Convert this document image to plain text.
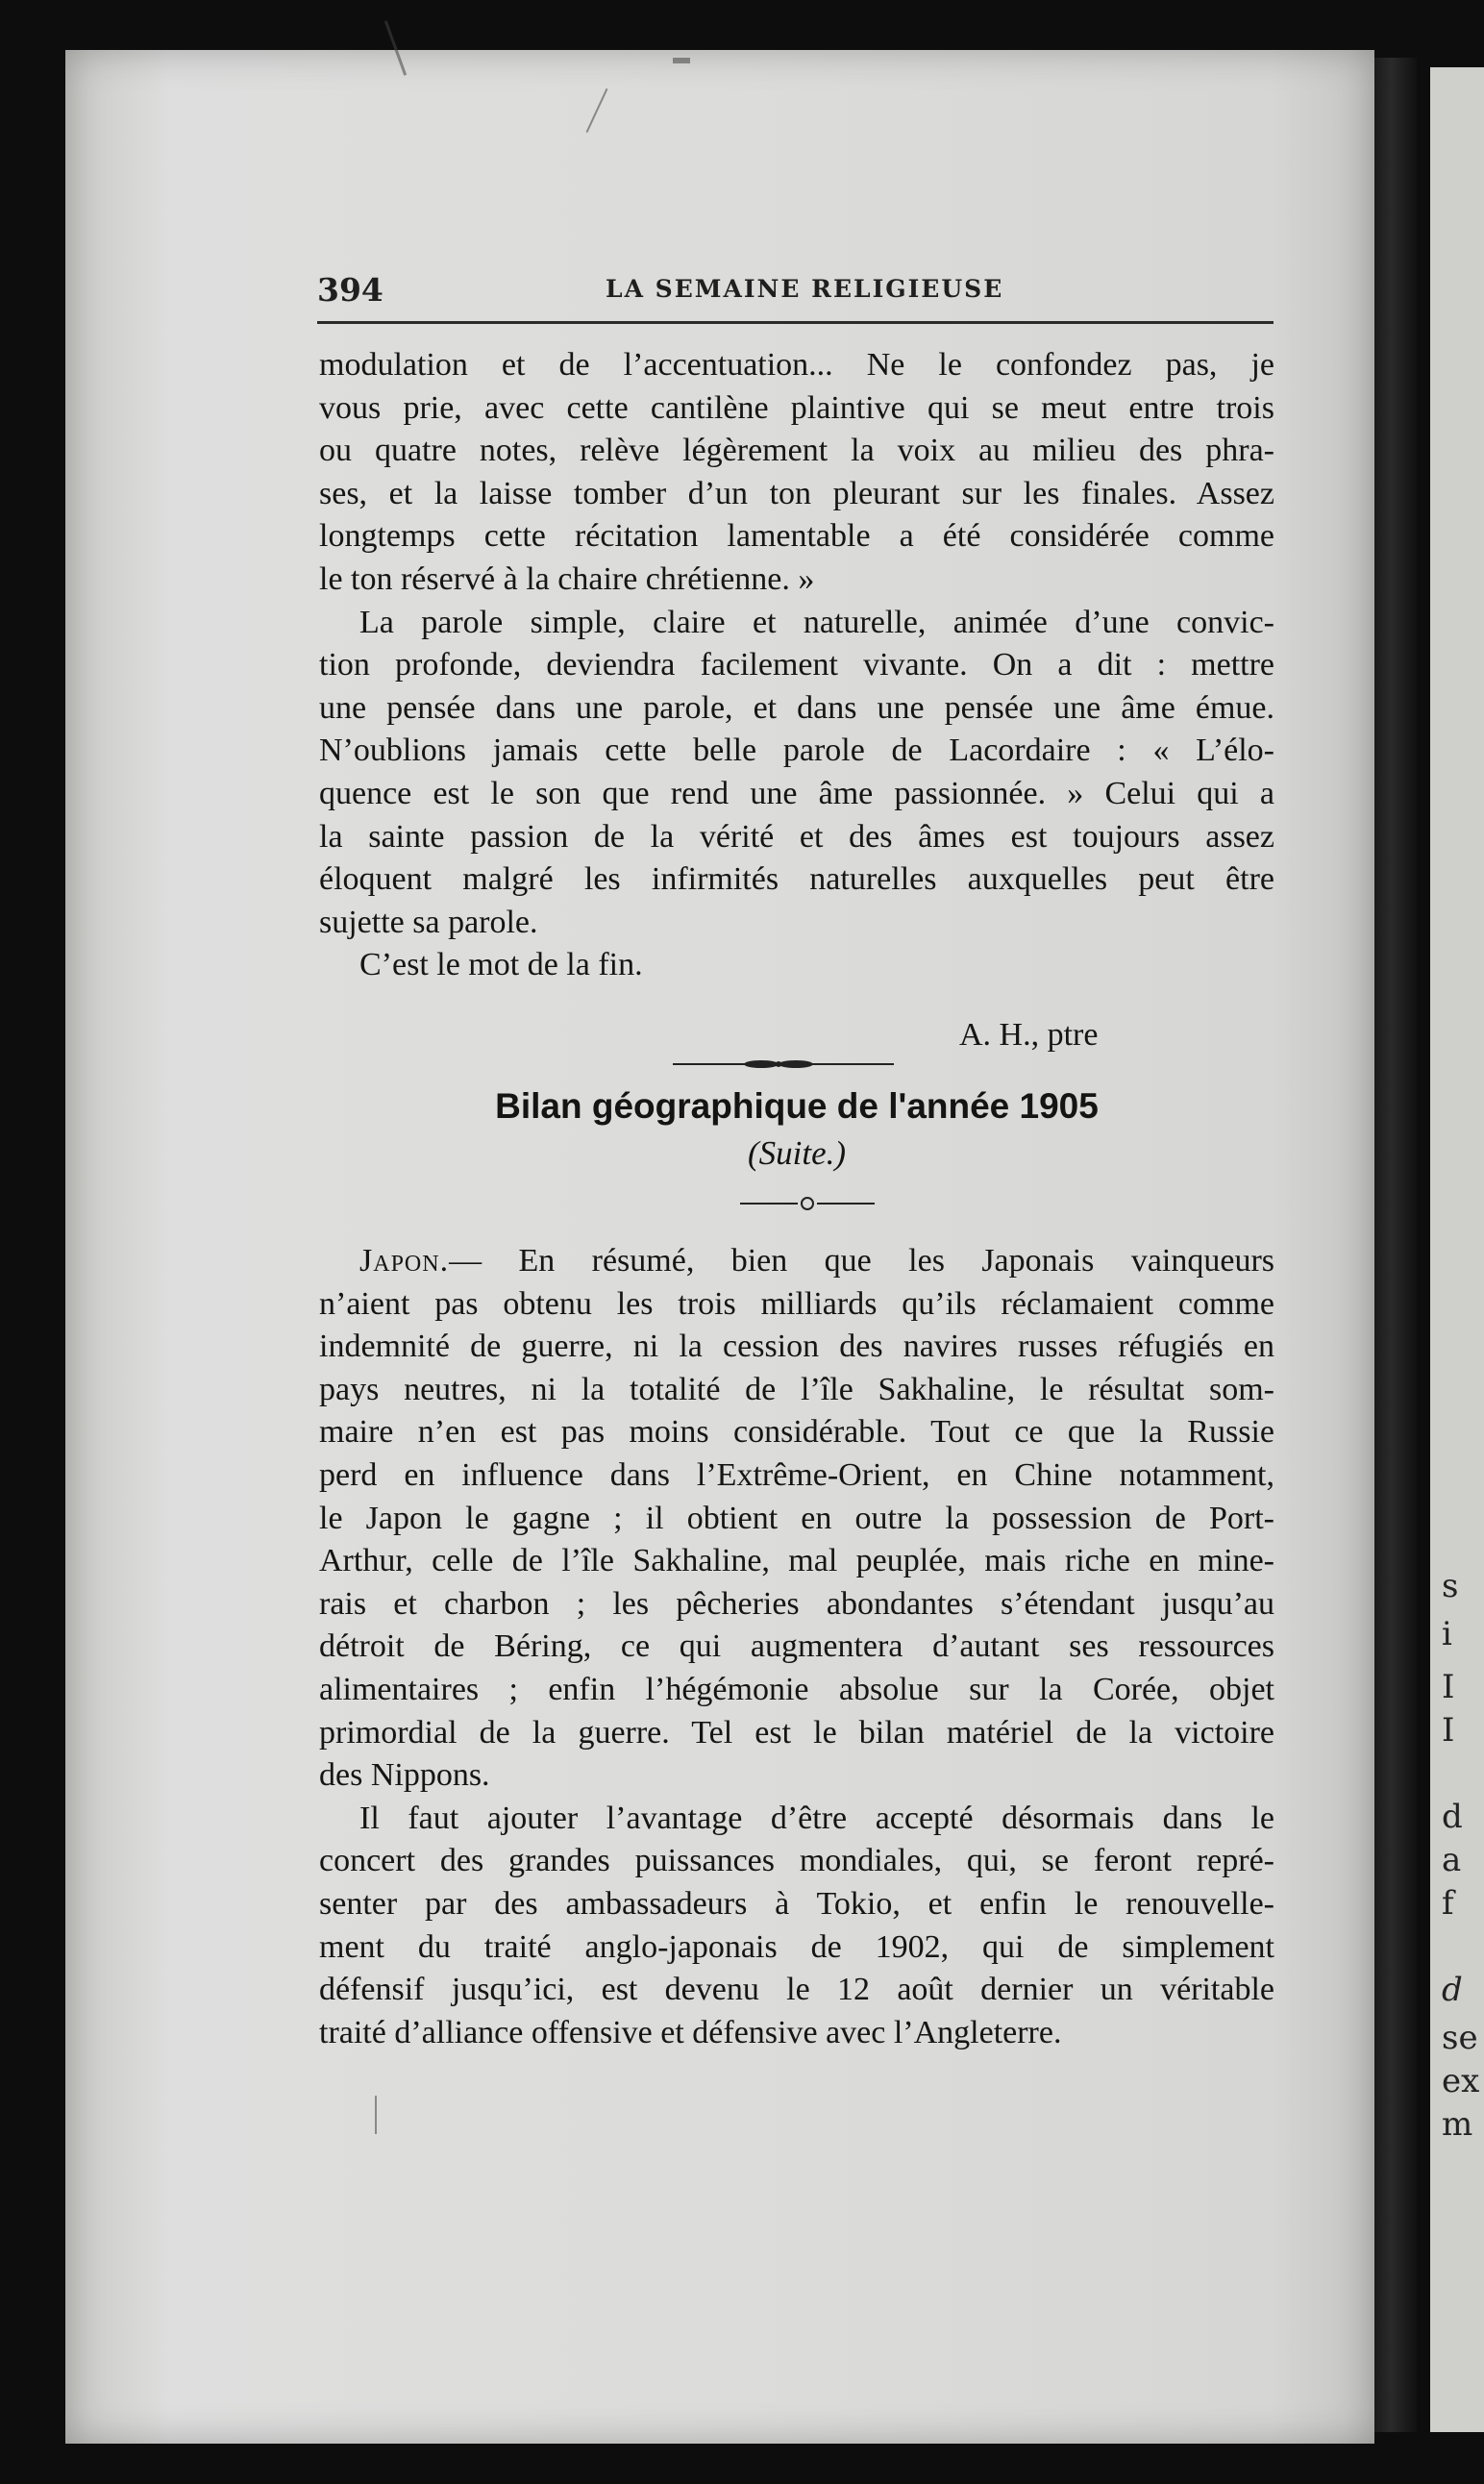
s
i
I
I
d
a
f
d
se
ex
m
394	LA SEMAINE RELIGIEUSE
modulation et de l’accentuation... Ne le confondez pas, je
vous prie, avec cette cantilène plaintive qui se meut entre trois
ou quatre notes, relève légèrement la voix au milieu des phra-
ses, et la laisse tomber d’un ton pleurant sur les finales. Assez
longtemps cette récitation lamentable a été considérée comme
le ton réservé à la chaire chrétienne. »
La parole simple, claire et naturelle, animée d’une convic-
tion profonde, deviendra facilement vivante. On a dit : mettre
une pensée dans une parole, et dans une pensée une âme émue.
N’oublions jamais cette belle parole de Lacordaire : « L’élo-
quence est le son que rend une âme passionnée. » Celui qui a
la sainte passion de la vérité et des âmes est toujours assez
éloquent malgré les infirmités naturelles auxquelles peut être
sujette sa parole.
C’est le mot de la fin.
A. H., ptre
Bilan géographique de l'année 1905
(Suite.)
Japon.— En résumé, bien que les Japonais vainqueurs
n’aient pas obtenu les trois milliards qu’ils réclamaient comme
indemnité de guerre, ni la cession des navires russes réfugiés en
pays neutres, ni la totalité de l’île Sakhaline, le résultat som-
maire n’en est pas moins considérable. Tout ce que la Russie
perd en influence dans l’Extrême-Orient, en Chine notamment,
le Japon le gagne ; il obtient en outre la possession de Port-
Arthur, celle de l’île Sakhaline, mal peuplée, mais riche en mine-
rais et charbon ; les pêcheries abondantes s’étendant jusqu’au
détroit de Béring, ce qui augmentera d’autant ses ressources
alimentaires ; enfin l’hégémonie absolue sur la Corée, objet
primordial de la guerre. Tel est le bilan matériel de la victoire
des Nippons.
Il faut ajouter l’avantage d’être accepté désormais dans le
concert des grandes puissances mondiales, qui, se feront repré-
senter par des ambassadeurs à Tokio, et enfin le renouvelle-
ment du traité anglo-japonais de 1902, qui de simplement
défensif jusqu’ici, est devenu le 12 août dernier un véritable
traité d’alliance offensive et défensive avec l’Angleterre.
